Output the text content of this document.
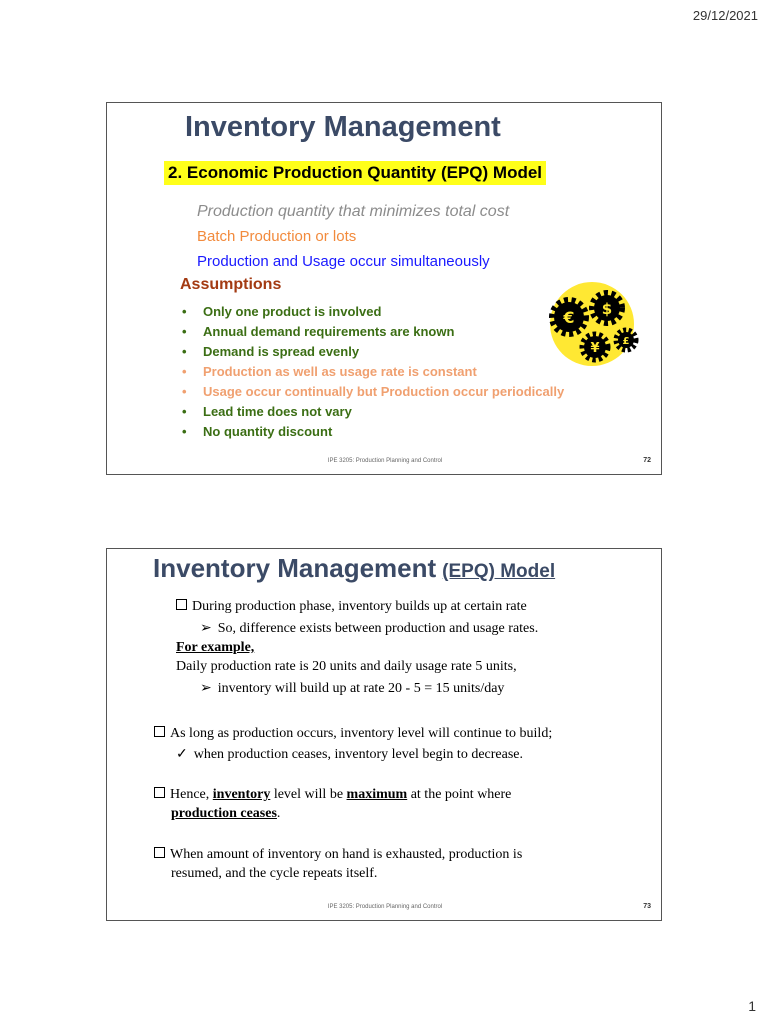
29/12/2021
Inventory Management
2. Economic Production Quantity (EPQ) Model
Production quantity that minimizes total cost
Batch Production or lots
Production and Usage occur simultaneously
Assumptions
• Only one product is involved
• Annual demand requirements are known
• Demand is spread evenly
• Production as well as usage rate is constant
• Usage occur continually but Production occur periodically
• Lead time does not vary
• No quantity discount
€ $
¥ £
IPE 3205: Production Planning and Control	72
Inventory Management (EPQ) Model
During production phase, inventory builds up at certain rate
➢ So, difference exists between production and usage rates.
For example,
Daily production rate is 20 units and daily usage rate 5 units,
➢ inventory will build up at rate 20 - 5 = 15 units/day
As long as production occurs, inventory level will continue to build;
✓ when production ceases, inventory level begin to decrease.
Hence, inventory level will be maximum at the point where
production ceases.
When amount of inventory on hand is exhausted, production is
resumed, and the cycle repeats itself.
IPE 3205: Production Planning and Control	73
1
